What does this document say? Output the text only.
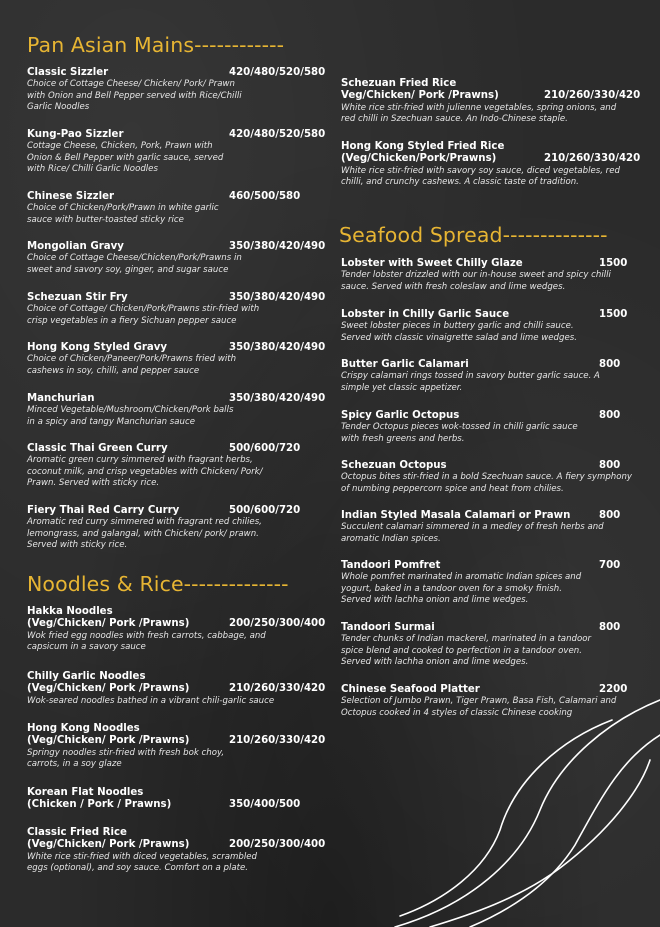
Pan Asian Mains------------
Classic Sizzler	420/480/520/580
Choice of Cottage Cheese/ Chicken/ Pork/ Prawn with Onion and Bell Pepper served with Rice/Chilli Garlic Noodles
Kung-Pao Sizzler	420/480/520/580
Cottage Cheese, Chicken, Pork, Prawn with Onion & Bell Pepper with garlic sauce, served with Rice/ Chilli Garlic Noodles
Chinese Sizzler	460/500/580
Choice of Chicken/Pork/Prawn in white garlic sauce with butter-toasted sticky rice
Mongolian Gravy	350/380/420/490
Choice of Cottage Cheese/Chicken/Pork/Prawns in sweet and savory soy, ginger, and sugar sauce
Schezuan Stir Fry	350/380/420/490
Choice of Cottage/ Chicken/Pork/Prawns stir-fried with crisp vegetables in a fiery Sichuan pepper sauce
Hong Kong Styled Gravy	350/380/420/490
Choice of Chicken/Paneer/Pork/Prawns fried with cashews in soy, chilli, and pepper sauce
Manchurian	350/380/420/490
Minced Vegetable/Mushroom/Chicken/Pork balls in a spicy and tangy Manchurian sauce
Classic Thai Green Curry	500/600/720
Aromatic green curry simmered with fragrant herbs, coconut milk, and crisp vegetables with Chicken/ Pork/ Prawn. Served with sticky rice.
Fiery Thai Red Carry Curry	500/600/720
Aromatic red curry simmered with fragrant red chilies, lemongrass, and galangal, with Chicken/ pork/ prawn. Served with sticky rice.
Noodles & Rice--------------
Hakka Noodles
(Veg/Chicken/ Pork /Prawns)	200/250/300/400
Wok fried egg noodles with fresh carrots, cabbage, and capsicum in a savory sauce
Chilly Garlic Noodles
(Veg/Chicken/ Pork /Prawns)	210/260/330/420
Wok-seared noodles bathed in a vibrant chili-garlic sauce
Hong Kong Noodles
(Veg/Chicken/ Pork /Prawns)	210/260/330/420
Springy noodles stir-fried with fresh bok choy, carrots, in a soy glaze
Korean Flat Noodles
(Chicken / Pork / Prawns)	350/400/500
Classic Fried Rice
(Veg/Chicken/ Pork /Prawns)	200/250/300/400
White rice stir-fried with diced vegetables, scrambled eggs (optional), and soy sauce. Comfort on a plate.
Schezuan Fried Rice
Veg/Chicken/ Pork /Prawns)	210/260/330/420
White rice stir-fried with julienne vegetables, spring onions, and red chilli in Szechuan sauce. An Indo-Chinese staple.
Hong Kong Styled Fried Rice
(Veg/Chicken/Pork/Prawns)	210/260/330/420
White rice stir-fried with savory soy sauce, diced vegetables, red chilli, and crunchy cashews. A classic taste of tradition.
Seafood Spread--------------
Lobster with Sweet Chilly Glaze	1500
Tender lobster drizzled with our in-house sweet and spicy chilli sauce. Served with fresh coleslaw and lime wedges.
Lobster in Chilly Garlic Sauce	1500
Sweet lobster pieces in buttery garlic and chilli sauce. Served with classic vinaigrette salad and lime wedges.
Butter Garlic Calamari	800
Crispy calamari rings tossed in savory butter garlic sauce. A simple yet classic appetizer.
Spicy Garlic Octopus	800
Tender Octopus pieces wok-tossed in chilli garlic sauce with fresh greens and herbs.
Schezuan Octopus	800
Octopus bites stir-fried in a bold Szechuan sauce. A fiery symphony of numbing peppercorn spice and heat from chilies.
Indian Styled Masala Calamari or Prawn	800
Succulent calamari simmered in a medley of fresh herbs and aromatic Indian spices.
Tandoori Pomfret	700
Whole pomfret marinated in aromatic Indian spices and yogurt, baked in a tandoor oven for a smoky finish. Served with lachha onion and lime wedges.
Tandoori Surmai	800
Tender chunks of Indian mackerel, marinated in a tandoor spice blend and cooked to perfection in a tandoor oven. Served with lachha onion and lime wedges.
Chinese Seafood Platter	2200
Selection of Jumbo Prawn, Tiger Prawn, Basa Fish, Calamari and Octopus cooked in 4 styles of classic Chinese cooking
